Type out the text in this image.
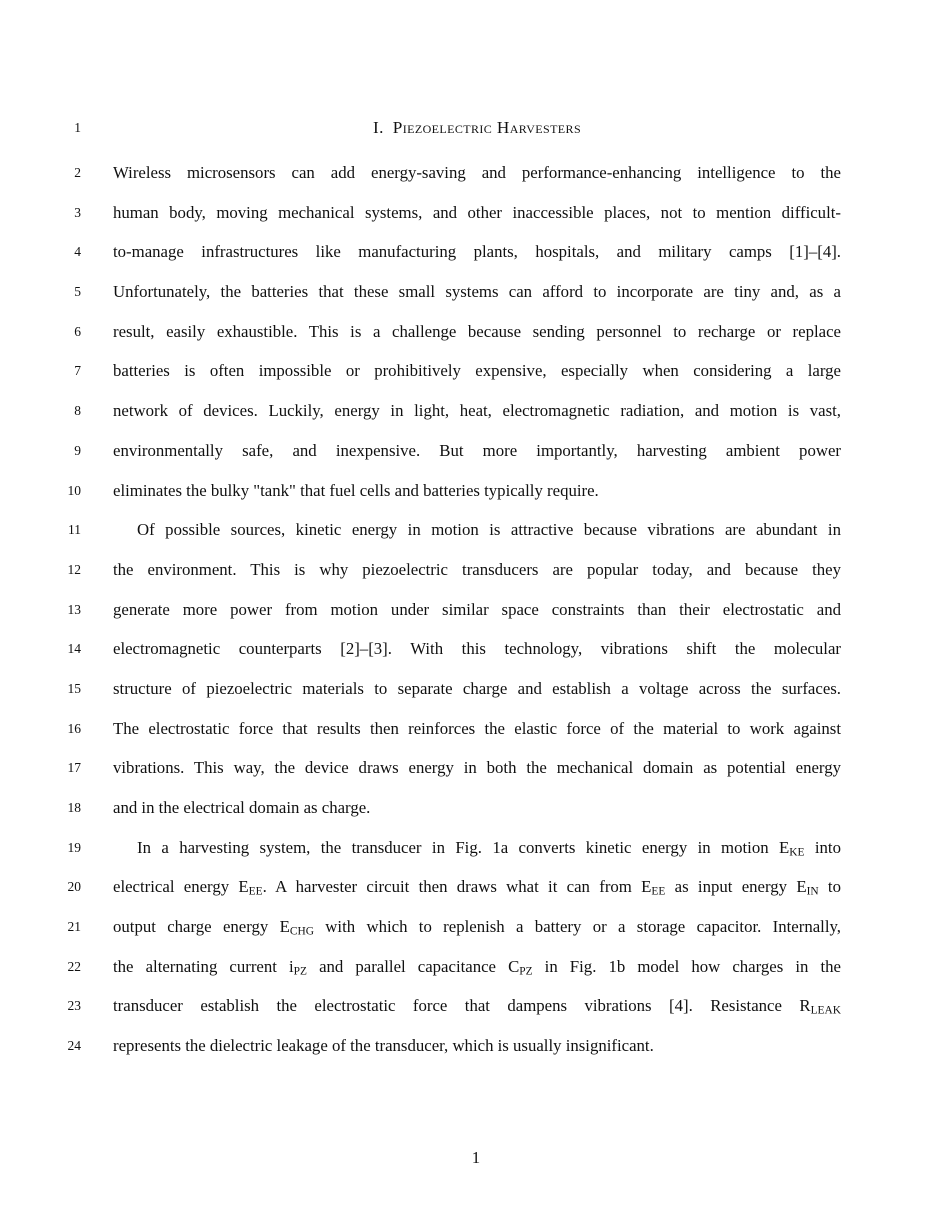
1	I. Piezoelectric Harvesters
2 Wireless microsensors can add energy-saving and performance-enhancing intelligence to the
3 human body, moving mechanical systems, and other inaccessible places, not to mention difficult-
4 to-manage infrastructures like manufacturing plants, hospitals, and military camps [1]–[4].
5 Unfortunately, the batteries that these small systems can afford to incorporate are tiny and, as a
6 result, easily exhaustible. This is a challenge because sending personnel to recharge or replace
7 batteries is often impossible or prohibitively expensive, especially when considering a large
8 network of devices. Luckily, energy in light, heat, electromagnetic radiation, and motion is vast,
9 environmentally safe, and inexpensive. But more importantly, harvesting ambient power
10 eliminates the bulky "tank" that fuel cells and batteries typically require.
11	Of possible sources, kinetic energy in motion is attractive because vibrations are abundant in
12 the environment. This is why piezoelectric transducers are popular today, and because they
13 generate more power from motion under similar space constraints than their electrostatic and
14 electromagnetic counterparts [2]–[3]. With this technology, vibrations shift the molecular
15 structure of piezoelectric materials to separate charge and establish a voltage across the surfaces.
16 The electrostatic force that results then reinforces the elastic force of the material to work against
17 vibrations. This way, the device draws energy in both the mechanical domain as potential energy
18 and in the electrical domain as charge.
19	In a harvesting system, the transducer in Fig. 1a converts kinetic energy in motion $E_{KE}$ into
20 electrical energy $E_{EE}$. A harvester circuit then draws what it can from $E_{EE}$ as input energy $E_{IN}$ to
21 output charge energy $E_{CHG}$ with which to replenish a battery or a storage capacitor. Internally,
22 the alternating current $i_{PZ}$ and parallel capacitance $C_{PZ}$ in Fig. 1b model how charges in the
23 transducer establish the electrostatic force that dampens vibrations [4]. Resistance $R_{LEAK}$
24 represents the dielectric leakage of the transducer, which is usually insignificant.
1
